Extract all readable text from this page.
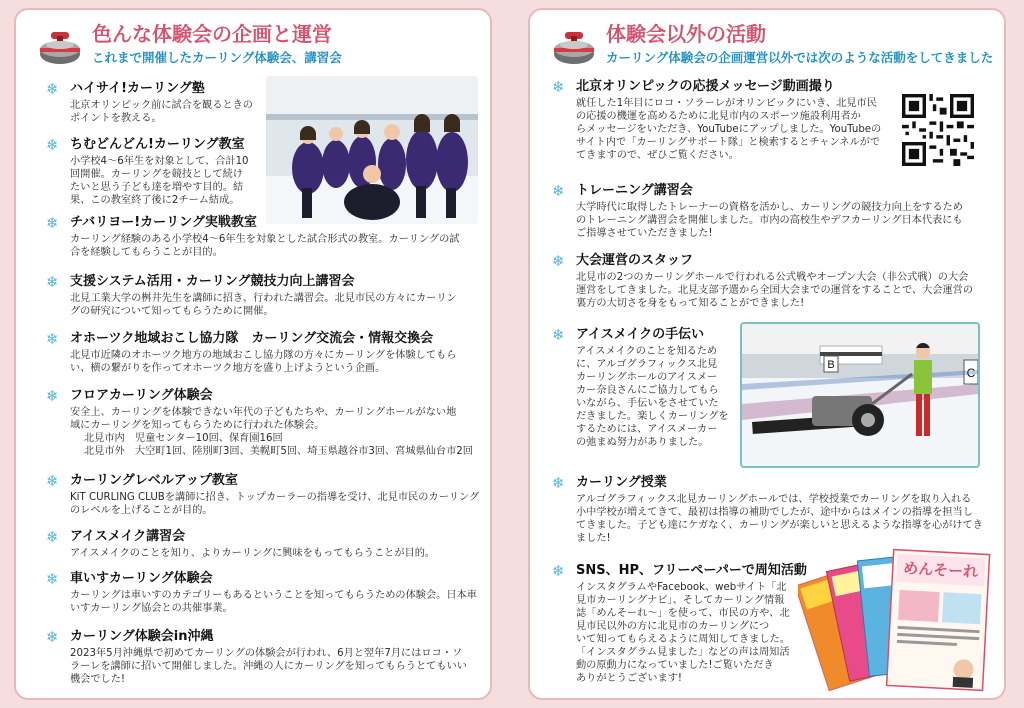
色んな体験会の企画と運営
これまで開催したカーリング体験会、講習会
❄ ハイサイ!カーリング塾
北京オリンピック前に試合を観るときの
ポイントを教える。
❄ ちむどんどん!カーリング教室
小学校4～6年生を対象として、合計10
回開催。カーリングを競技として続け
たいと思う子ども達を増やす目的。結
果、この教室終了後に2チーム結成。
❄ チバリヨー!カーリング実戦教室
カーリング経験のある小学校4～6年生を対象とした試合形式の教室。カーリングの試
合を経験してもらうことが目的。
❄ 支援システム活用・カーリング競技力向上講習会
北見工業大学の桝井先生を講師に招き、行われた講習会。北見市民の方々にカーリン
グの研究について知ってもらうために開催。
❄ オホーツク地域おこし協力隊　カーリング交流会・情報交換会
北見市近隣のオホーツク地方の地域おこし協力隊の方々にカーリングを体験してもら
い、横の繋がりを作ってオホーツク地方を盛り上げようという企画。
❄ フロアカーリング体験会
安全上、カーリングを体験できない年代の子どもたちや、カーリングホールがない地
域にカーリングを知ってもらうために行われた体験会。
北見市内　児童センター10回、保育園16回
北見市外　大空町1回、陸別町3回、美幌町5回、埼玉県越谷市3回、宮城県仙台市2回
❄ カーリングレベルアップ教室
KiT CURLING CLUBを講師に招き、トップカーラーの指導を受け、北見市民のカーリング
のレベルを上げることが目的。
❄ アイスメイク講習会
アイスメイクのことを知り、よりカーリングに興味をもってもらうことが目的。
❄ 車いすカーリング体験会
カーリングは車いすのカテゴリーもあるということを知ってもらうための体験会。日本車
いすカーリング協会との共催事業。
❄ カーリング体験会in沖縄
2023年5月沖縄県で初めてカーリングの体験会が行われ、6月と翌年7月にはロコ・ソ
ラーレを講師に招いて開催しました。沖縄の人にカーリングを知ってもらうとてもいい
機会でした!
体験会以外の活動
カーリング体験会の企画運営以外では次のような活動をしてきました
❄ 北京オリンピックの応援メッセージ動画撮り
就任した1年目にロコ・ソラーレがオリンピックにいき、北見市民
の応援の機運を高めるために北見市内のスポーツ施設利用者か
らメッセージをいただき、YouTubeにアップしました。YouTubeの
サイト内で「カーリングサポート隊」と検索するとチャンネルがで
てきますので、ぜひご覧ください。
❄ トレーニング講習会
大学時代に取得したトレーナーの資格を活かし、カーリングの競技力向上をするため
のトレーニング講習会を開催しました。市内の高校生やデフカーリング日本代表にも
ご指導させていただきました!
❄ 大会運営のスタッフ
北見市の2つのカーリングホールで行われる公式戦やオープン大会（非公式戦）の大会
運営をしてきました。北見支部予選から全国大会までの運営をすることで、大会運営の
裏方の大切さを身をもって知ることができました!
❄ アイスメイクの手伝い
アイスメイクのことを知るため
に、アルゴグラフィックス北見
カーリングホールのアイスメー
カー奈良さんにご協力してもら
いながら、手伝いをさせていた
だきました。楽しくカーリングを
するためには、アイスメーカー
の弛まぬ努力がありました。
B
C
❄ カーリング授業
アルゴグラフィックス北見カーリングホールでは、学校授業でカーリングを取り入れる
小中学校が増えてきて、最初は指導の補助でしたが、途中からはメインの指導を担当し
てきました。子ども達にケガなく、カーリングが楽しいと思えるような指導を心がけてき
ました!
❄ SNS、HP、フリーペーパーで周知活動
インスタグラムやFacebook、webサイト「北
見市カーリングナビ」、そしてカーリング情報
誌「めんそーれ～」を使って、市民の方や、北
見市民以外の方に北見市のカーリングにつ
いて知ってもらえるように周知してきました。
「インスタグラム見ました」などの声は周知活
動の原動力になっていました!ご覧いただき
ありがとうございます!
めんそーれ
